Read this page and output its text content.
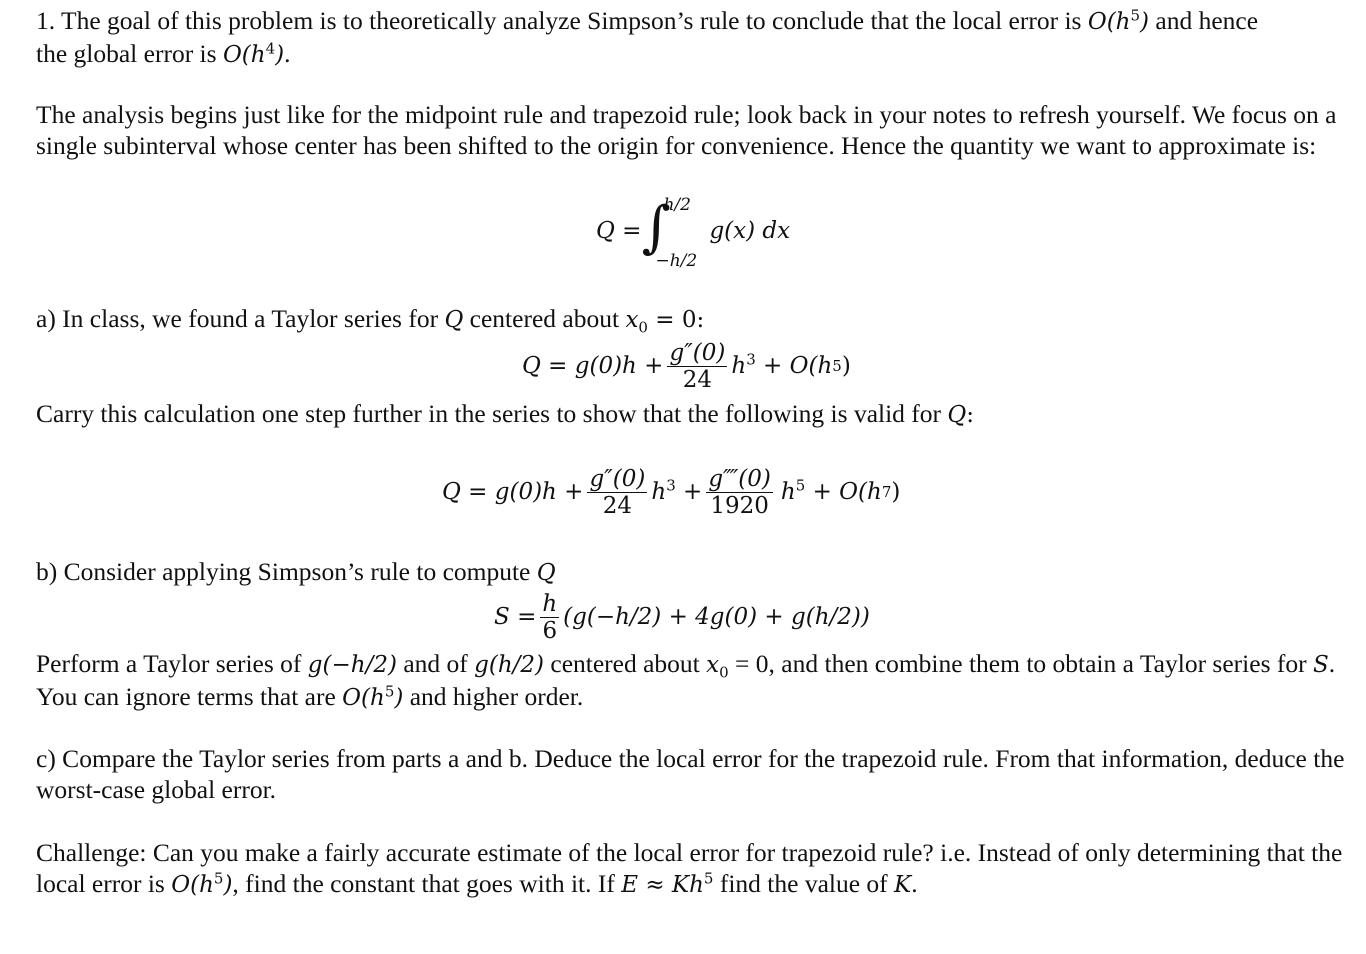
1. The goal of this problem is to theoretically analyze Simpson’s rule to conclude that the local error is $O(h^5)$ and hence
the global error is $O(h^4)$.

The analysis begins just like for the midpoint rule and trapezoid rule; look back in your notes to refresh yourself. We focus on a single subinterval whose center has been shifted to the origin for convenience. Hence the quantity we want to approximate is:

Q = ∫
h/2
−h/2
g(x) dx

a) In class, we found a Taylor series for Q centered about $x_0 = 0$:

$Q = g(0)h + \frac{g''(0)}{24} h^3 + O(h$ 5 )

Carry this calculation one step further in the series to show that the following is valid for Q:

$Q = g(0)h + \frac{g''(0)}{24} h^3 + \frac{g⁗(0)}{1920} h^5 + O(h$ 7 )

b) Consider applying Simpson’s rule to compute Q

$S = \frac{h}{6} (g(-h/2) + 4g(0) + g(h/2))$

Perform a Taylor series of g(−h/2) and of g(h/2) centered about $x_0 = 0$, and then combine them to obtain a Taylor series for S. You can ignore terms that are $O(h^5)$ and higher order.

c) Compare the Taylor series from parts a and b. Deduce the local error for the trapezoid rule. From that information, deduce the worst-case global error.

Challenge: Can you make a fairly accurate estimate of the local error for trapezoid rule? i.e. Instead of only determining that the local error is $O(h^5)$, find the constant that goes with it. If $E \approx Kh^5$ find the value of K.
